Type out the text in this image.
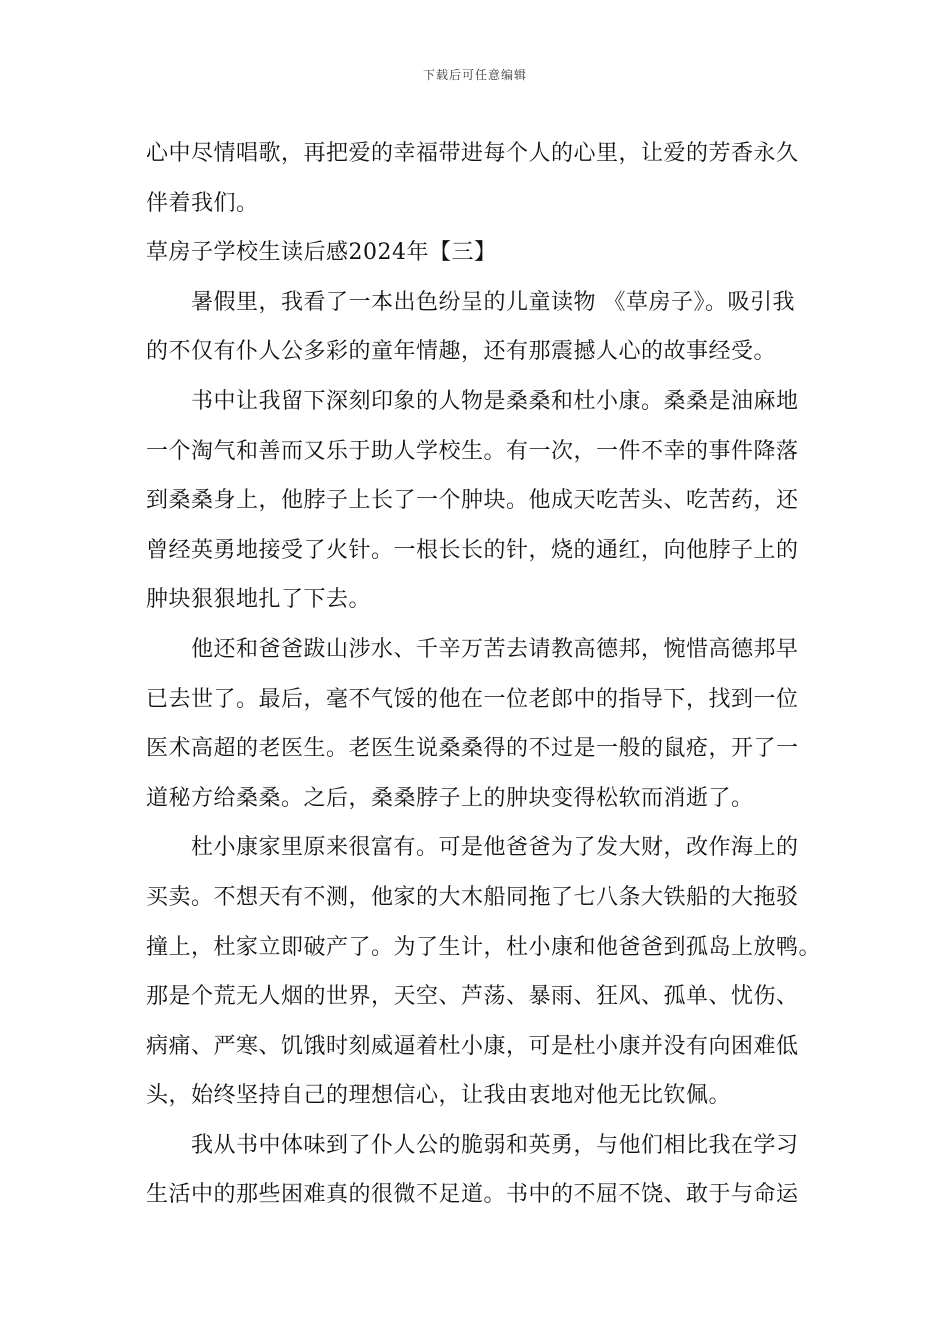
下载后可任意编辑
心中尽情唱歌，再把爱的幸福带进每个人的心里，让爱的芳香永久
伴着我们。
草房子学校生读后感2024年【三】
暑假里，我看了一本出色纷呈的儿童读物 《草房子》。吸引我
的不仅有仆人公多彩的童年情趣，还有那震撼人心的故事经受。
书中让我留下深刻印象的人物是桑桑和杜小康。桑桑是油麻地
一个淘气和善而又乐于助人学校生。有一次，一件不幸的事件降落
到桑桑身上，他脖子上长了一个肿块。他成天吃苦头、吃苦药，还
曾经英勇地接受了火针。一根长长的针，烧的通红，向他脖子上的
肿块狠狠地扎了下去。
他还和爸爸跋山涉水、千辛万苦去请教高德邦，惋惜高德邦早
已去世了。最后，毫不气馁的他在一位老郎中的指导下，找到一位
医术高超的老医生。老医生说桑桑得的不过是一般的鼠疮，开了一
道秘方给桑桑。之后，桑桑脖子上的肿块变得松软而消逝了。
杜小康家里原来很富有。可是他爸爸为了发大财，改作海上的
买卖。不想天有不测，他家的大木船同拖了七八条大铁船的大拖驳
撞上，杜家立即破产了。为了生计，杜小康和他爸爸到孤岛上放鸭。
那是个荒无人烟的世界，天空、芦荡、暴雨、狂风、孤单、忧伤、
病痛、严寒、饥饿时刻威逼着杜小康，可是杜小康并没有向困难低
头，始终坚持自己的理想信心，让我由衷地对他无比钦佩。
我从书中体味到了仆人公的脆弱和英勇，与他们相比我在学习
生活中的那些困难真的很微不足道。书中的不屈不饶、敢于与命运
